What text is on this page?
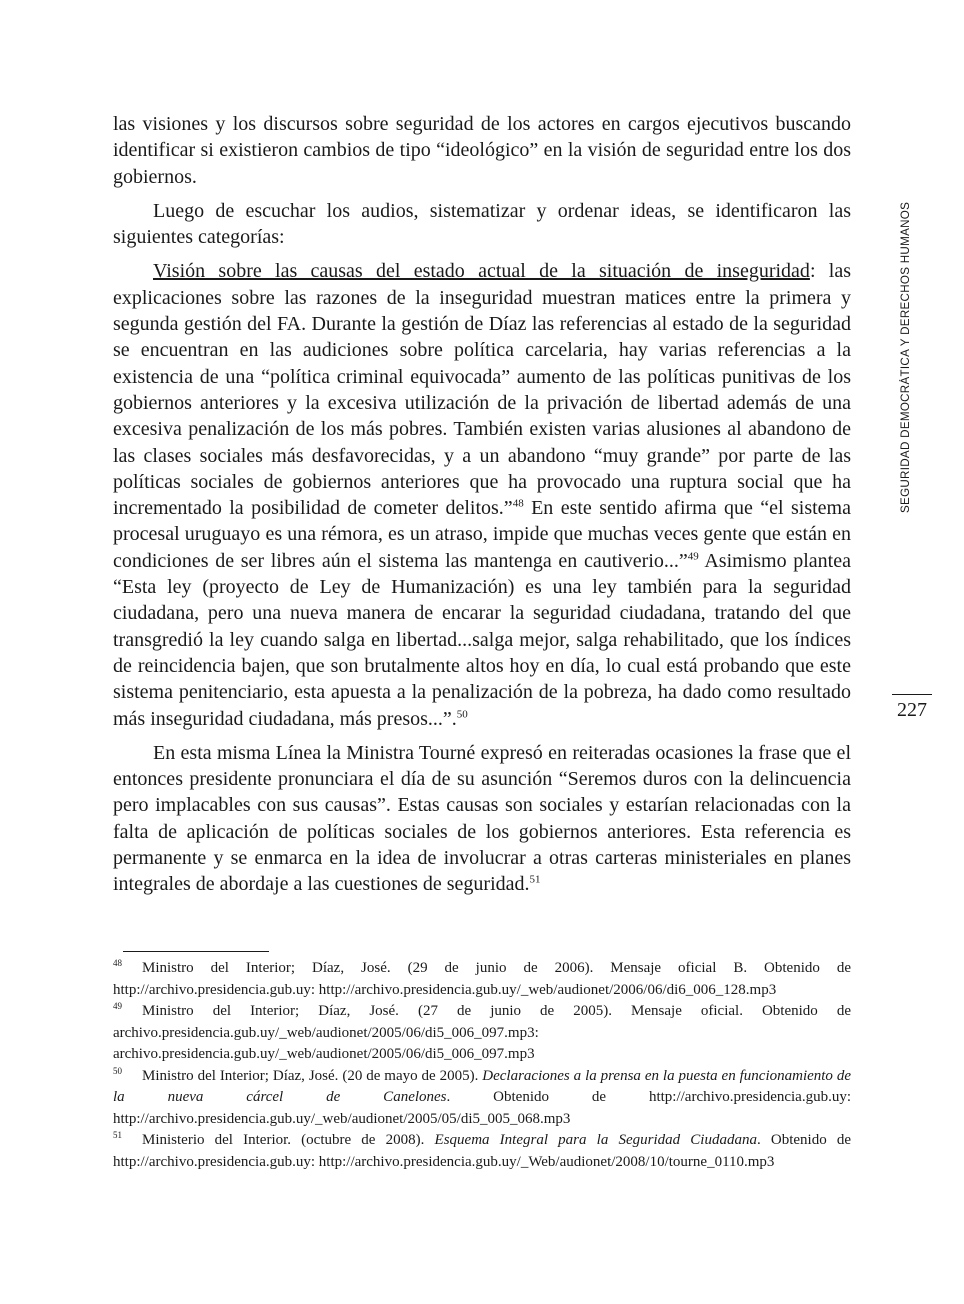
las visiones y los discursos sobre seguridad de los actores en cargos ejecutivos buscando identificar si existieron cambios de tipo “ideológico” en la visión de seguridad entre los dos gobiernos.

Luego de escuchar los audios, sistematizar y ordenar ideas, se identificaron las siguientes categorías:

Visión sobre las causas del estado actual de la situación de inseguridad: las explicaciones sobre las razones de la inseguridad muestran matices entre la primera y segunda gestión del FA. Durante la gestión de Díaz las referencias al estado de la seguridad se encuentran en las audiciones sobre política carcelaria, hay varias referencias a la existencia de una “política criminal equivocada” aumento de las políticas punitivas de los gobiernos anteriores y la excesiva utilización de la privación de libertad además de una excesiva penalización de los más pobres. También existen varias alusiones al abandono de las clases sociales más desfavorecidas, y a un abandono “muy grande” por parte de las políticas sociales de gobiernos anteriores que ha provocado una ruptura social que ha incrementado la posibilidad de cometer delitos.”$^{48}$ En este sentido afirma que “el sistema procesal uruguayo es una rémora, es un atraso, impide que muchas veces gente que están en condiciones de ser libres aún el sistema las mantenga en cautiverio...”$^{49}$ Asimismo plantea “Esta ley (proyecto de Ley de Humanización) es una ley también para la seguridad ciudadana, pero una nueva manera de encarar la seguridad ciudadana, tratando del que transgredió la ley cuando salga en libertad...salga mejor, salga rehabilitado, que los índices de reincidencia bajen, que son brutalmente altos hoy en día, lo cual está probando que este sistema penitenciario, esta apuesta a la penalización de la pobreza, ha dado como resultado más inseguridad ciudadana, más presos...”.$^{50}$

En esta misma Línea la Ministra Tourné expresó en reiteradas ocasiones la frase que el entonces presidente pronunciara el día de su asunción “Seremos duros con la delincuencia pero implacables con sus causas”. Estas causas son sociales y estarían relacionadas con la falta de aplicación de políticas sociales de los gobiernos anteriores. Esta referencia es permanente y se enmarca en la idea de involucrar a otras carteras ministeriales en planes integrales de abordaje a las cuestiones de seguridad.$^{51}$

SEGURIDAD DEMOCRÁTICA Y DERECHOS HUMANOS
227

48 Ministro del Interior; Díaz, José. (29 de junio de 2006). Mensaje oficial B. Obtenido de http://archivo.presidencia.gub.uy: http://archivo.presidencia.gub.uy/_web/audionet/2006/06/di6_006_128.mp3

49 Ministro del Interior; Díaz, José. (27 de junio de 2005). Mensaje oficial. Obtenido de archivo.presidencia.gub.uy/_web/audionet/2005/06/di5_006_097.mp3: archivo.presidencia.gub.uy/_web/audionet/2005/06/di5_006_097.mp3

50 Ministro del Interior; Díaz, José. (20 de mayo de 2005). Declaraciones a la prensa en la puesta en funcionamiento de la nueva cárcel de Canelones. Obtenido de http://archivo.presidencia.gub.uy: http://archivo.presidencia.gub.uy/_web/audionet/2005/05/di5_005_068.mp3

51 Ministerio del Interior. (octubre de 2008). Esquema Integral para la Seguridad Ciudadana. Obtenido de http://archivo.presidencia.gub.uy: http://archivo.presidencia.gub.uy/_Web/audionet/2008/10/tourne_0110.mp3
